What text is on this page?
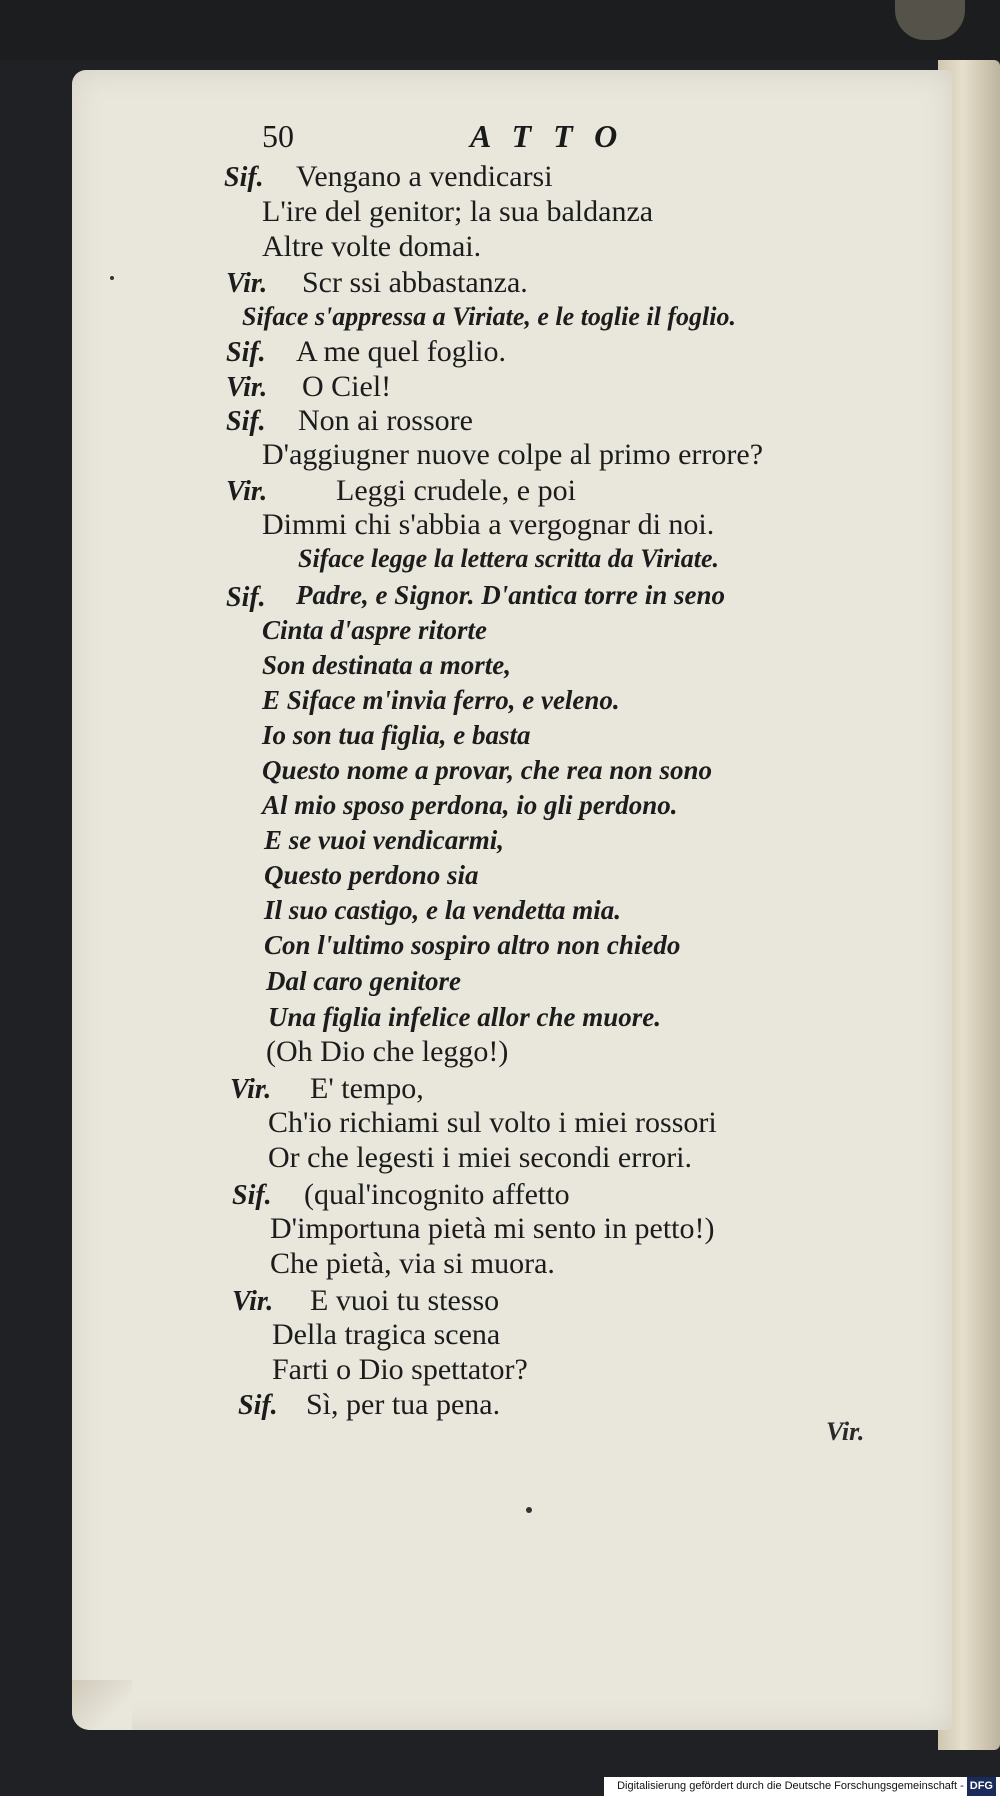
50	ATTO
Sif.
Vir.
Sif.
Vir.
Sif.
Vir.
Sif.
Vir.
Sif.
Vir.
Sif.
Vengano a vendicarsi
L'ire del genitor; la sua baldanza
Altre volte domai.
Scr ssi abbastanza.
Siface s'appressa a Viriate, e le toglie il foglio.
A me quel foglio.
O Ciel!
Non ai rossore
D'aggiugner nuove colpe al primo errore?
Leggi crudele, e poi
Dimmi chi s'abbia a vergognar di noi.
Siface legge la lettera scritta da Viriate.
Padre, e Signor. D'antica torre in seno
Cinta d'aspre ritorte
Son destinata a morte,
E Siface m'invia ferro, e veleno.
Io son tua figlia, e basta
Questo nome a provar, che rea non sono
Al mio sposo perdona, io gli perdono.
E se vuoi vendicarmi,
Questo perdono sia
Il suo castigo, e la vendetta mia.
Con l'ultimo sospiro altro non chiedo
Dal caro genitore
Una figlia infelice allor che muore.
(Oh Dio che leggo!)
E' tempo,
Ch'io richiami sul volto i miei rossori
Or che legesti i miei secondi errori.
(qual'incognito affetto
D'importuna pietà mi sento in petto!)
Che pietà, via si muora.
E vuoi tu stesso
Della tragica scena
Farti o Dio spettator?
Sì, per tua pena.
Vir.
Digitalisierung gefördert durch die Deutsche Forschungsgemeinschaft - DFG
